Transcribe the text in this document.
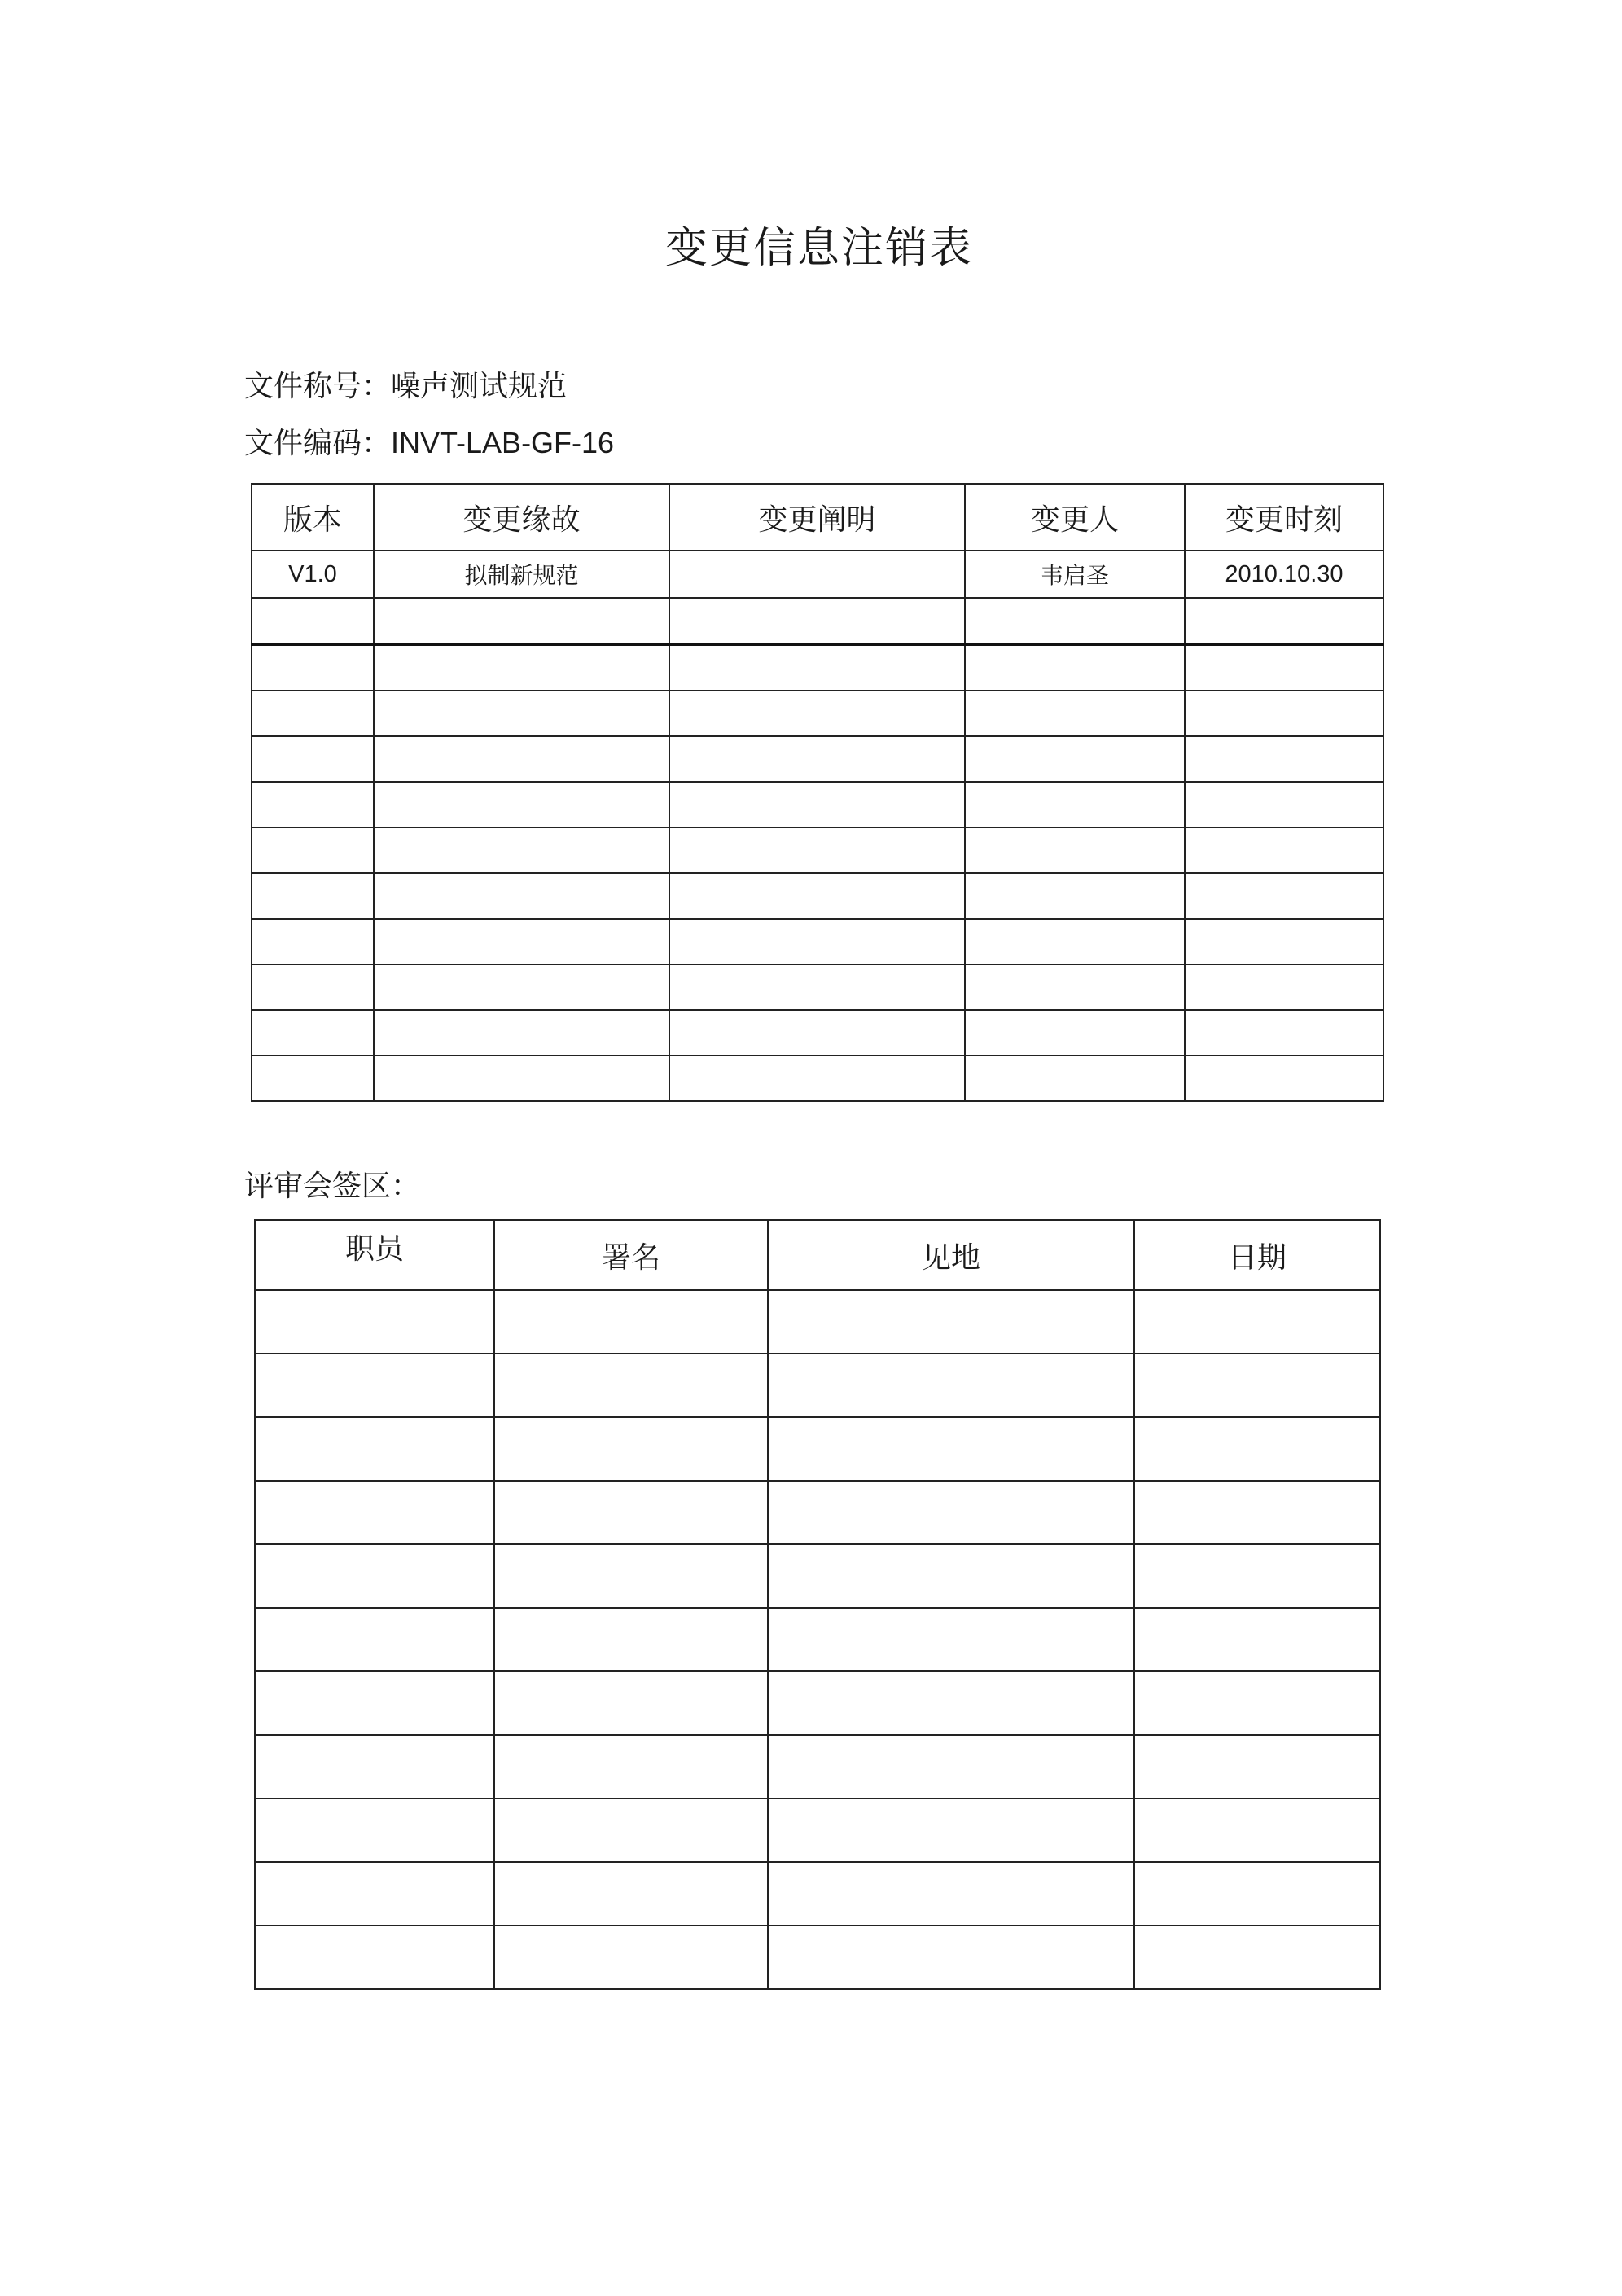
变更信息注销表
文件称号：噪声测试规范
文件编码：INVT-LAB-GF-16
版本	变更缘故	变更阐明	变更人	变更时刻
V1.0	拟制新规范		韦启圣	2010.10.30

评审会签区：
职员	署名	见地	日期
